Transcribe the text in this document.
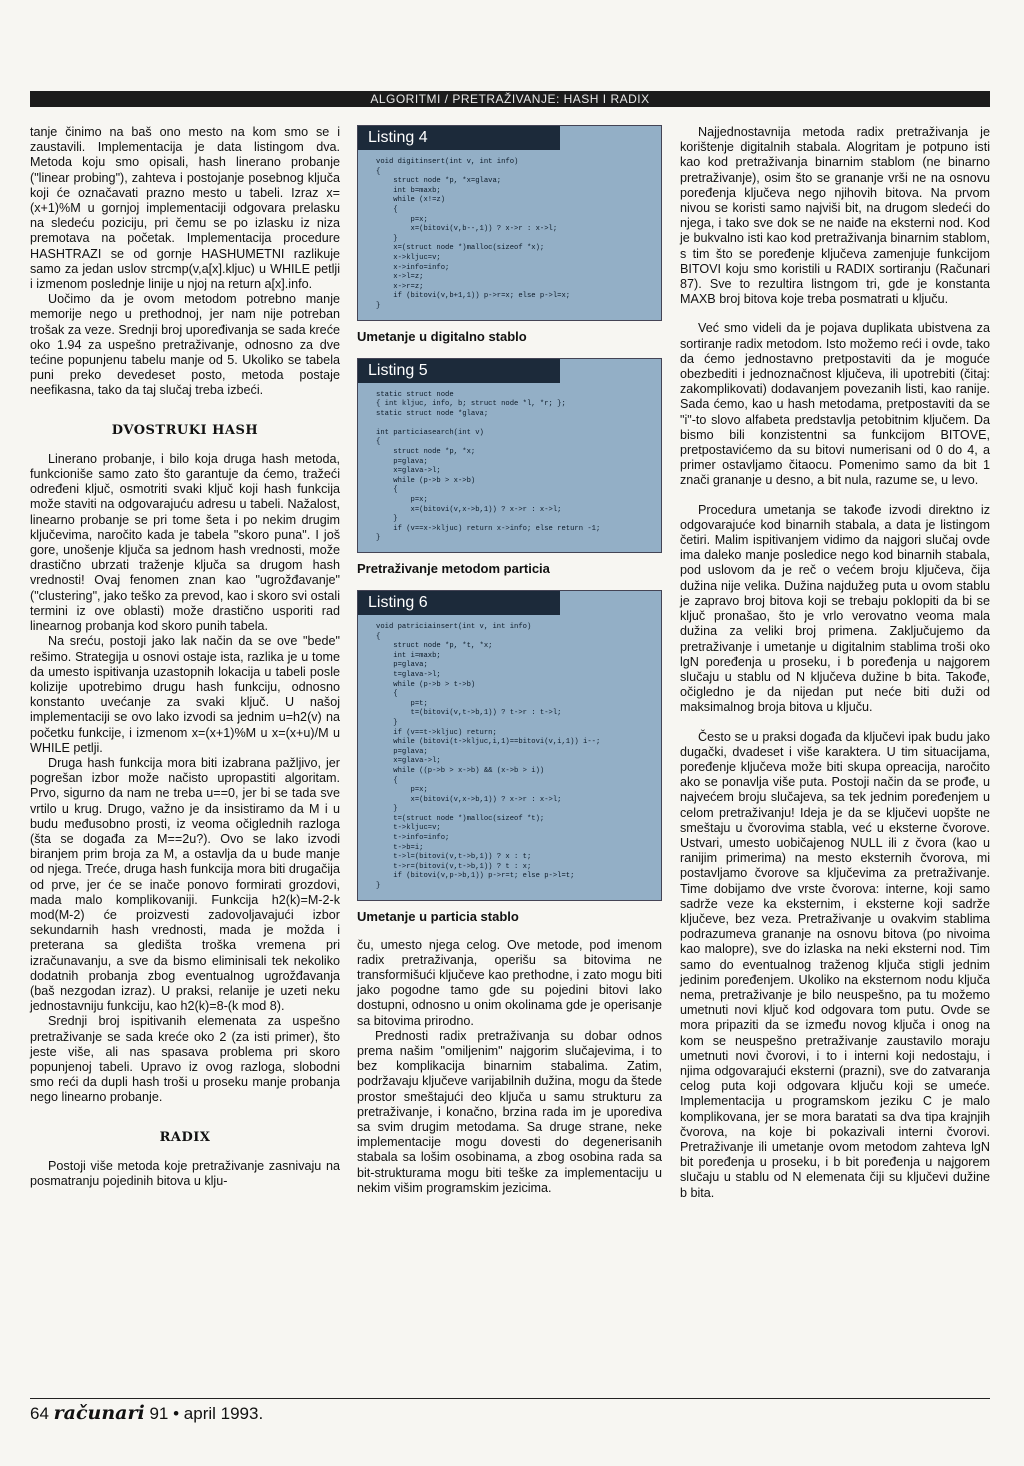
ALGORITMI / PRETRAŽIVANJE: HASH I RADIX

tanje činimo na baš ono mesto na kom smo se i zaustavili. Implementacija je data listingom dva. Metoda koju smo opisali, hash linerano probanje ("linear probing"), zahteva i postojanje posebnog ključa koji će označavati prazno mesto u tabeli. Izraz x=(x+1)%M u gornjoj implementaciji odgovara prelasku na sledeću poziciju, pri čemu se po izlasku iz niza premotava na početak. Implementacija procedure HASHTRAZI se od gornje HASHUMETNI razlikuje samo za jedan uslov strcmp(v,a[x].kljuc) u WHILE petlji i izmenom poslednje linije u njoj na return a[x].info.

Uočimo da je ovom metodom potrebno manje memorije nego u prethodnoj, jer nam nije potreban trošak za veze. Srednji broj upoređivanja se sada kreće oko 1.94 za uspešno pretraživanje, odnosno za dve tećine popunjenu tabelu manje od 5. Ukoliko se tabela puni preko devedeset posto, metoda postaje neefikasna, tako da taj slučaj treba izbeći.

DVOSTRUKI HASH

Linerano probanje, i bilo koja druga hash metoda, funkcioniše samo zato što garantuje da ćemo, tražeći određeni ključ, osmotriti svaki ključ koji hash funkcija može staviti na odgovarajuću adresu u tabeli. Nažalost, linearno probanje se pri tome šeta i po nekim drugim ključevima, naročito kada je tabela "skoro puna". I još gore, unošenje ključa sa jednom hash vrednosti, može drastično ubrzati traženje ključa sa drugom hash vrednosti! Ovaj fenomen znan kao "ugrožđavanje" ("clustering", jako teško za prevod, kao i skoro svi ostali termini iz ove oblasti) može drastično usporiti rad linearnog probanja kod skoro punih tabela.

Na sreću, postoji jako lak način da se ove "bede" rešimo. Strategija u osnovi ostaje ista, razlika je u tome da umesto ispitivanja uzastopnih lokacija u tabeli posle kolizije upotrebimo drugu hash funkciju, odnosno konstanto uvećanje za svaki ključ. U našoj implementaciji se ovo lako izvodi sa jednim u=h2(v) na početku funkcije, i izmenom x=(x+1)%M u x=(x+u)/M u WHILE petlji.

Druga hash funkcija mora biti izabrana pažljivo, jer pogrešan izbor može načisto upropastiti algoritam. Prvo, sigurno da nam ne treba u==0, jer bi se tada sve vrtilo u krug. Drugo, važno je da insistiramo da M i u budu međusobno prosti, iz veoma očiglednih razloga (šta se događa za M==2u?). Ovo se lako izvodi biranjem prim broja za M, a ostavlja da u bude manje od njega. Treće, druga hash funkcija mora biti drugačija od prve, jer će se inače ponovo formirati grozdovi, mada malo komplikovaniji. Funkcija h2(k)=M-2-k mod(M-2) će proizvesti zadovoljavajući izbor sekundarnih hash vrednosti, mada je možda i preterana sa gledišta troška vremena pri izračunavanju, a sve da bismo eliminisali tek nekoliko dodatnih probanja zbog eventualnog ugrožđavanja (baš nezgodan izraz). U praksi, relanije je uzeti neku jednostavniju funkciju, kao h2(k)=8-(k mod 8).

Srednji broj ispitivanih elemenata za uspešno pretraživanje se sada kreće oko 2 (za isti primer), što jeste više, ali nas spasava problema pri skoro popunjenoj tabeli. Upravo iz ovog razloga, slobodni smo reći da dupli hash troši u proseku manje probanja nego linearno probanje.

RADIX

Postoji više metoda koje pretraživanje zasnivaju na posmatranju pojedinih bitova u klju-

Listing 4
void digitinsert(int v, int info)
{
struct node *p, *x=glava;
int b=maxb;
while (x!=z)
{
p=x;
x=(bitovi(v,b--,1)) ? x->r : x->l;
}
x=(struct node *)malloc(sizeof *x);
x->kljuc=v;
x->info=info;
x->l=z;
x->r=z;
if (bitovi(v,b+1,1)) p->r=x; else p->l=x;
}
Umetanje u digitalno stablo
Listing 5
static struct node
{ int kljuc, info, b; struct node *l, *r; };
static struct node *glava;

int particiasearch(int v)
{
struct node *p, *x;
p=glava;
x=glava->l;
while (p->b > x->b)
{
p=x;
x=(bitovi(v,x->b,1)) ? x->r : x->l;
}
if (v==x->kljuc) return x->info; else return -1;
}
Pretraživanje metodom particia
Listing 6
void patriciainsert(int v, int info)
{
struct node *p, *t, *x;
int i=maxb;
p=glava;
t=glava->l;
while (p->b > t->b)
{
p=t;
t=(bitovi(v,t->b,1)) ? t->r : t->l;
}
if (v==t->kljuc) return;
while (bitovi(t->kljuc,i,1)==bitovi(v,i,1)) i--;
p=glava;
x=glava->l;
while ((p->b > x->b) && (x->b > i))
{
p=x;
x=(bitovi(v,x->b,1)) ? x->r : x->l;
}
t=(struct node *)malloc(sizeof *t);
t->kljuc=v;
t->info=info;
t->b=i;
t->l=(bitovi(v,t->b,1)) ? x : t;
t->r=(bitovi(v,t->b,1)) ? t : x;
if (bitovi(v,p->b,1)) p->r=t; else p->l=t;
}
Umetanje u particia stablo

ču, umesto njega celog. Ove metode, pod imenom radix pretraživanja, operišu sa bitovima ne transformišući ključeve kao prethodne, i zato mogu biti jako pogodne tamo gde su pojedini bitovi lako dostupni, odnosno u onim okolinama gde je operisanje sa bitovima prirodno.

Prednosti radix pretraživanja su dobar odnos prema našim "omiljenim" najgorim slučajevima, i to bez komplikacija binarnim stabalima. Zatim, podržavaju ključeve varijabilnih dužina, mogu da štede prostor smeštajući deo ključa u samu strukturu za pretraživanje, i konačno, brzina rada im je uporediva sa svim drugim metodama. Sa druge strane, neke implementacije mogu dovesti do degenerisanih stabala sa lošim osobinama, a zbog osobina rada sa bit-strukturama mogu biti teške za implementaciju u nekim višim programskim jezicima.

Najjednostavnija metoda radix pretraživanja je korištenje digitalnih stabala. Alogritam je potpuno isti kao kod pretraživanja binarnim stablom (ne binarno pretraživanje), osim što se grananje vrši ne na osnovu poređenja ključeva nego njihovih bitova. Na prvom nivou se koristi samo najviši bit, na drugom sledeći do njega, i tako sve dok se ne naiđe na eksterni nod. Kod je bukvalno isti kao kod pretraživanja binarnim stablom, s tim što se poređenje ključeva zamenjuje funkcijom BITOVI koju smo koristili u RADIX sortiranju (Računari 87). Sve to rezultira listngom tri, gde je konstanta MAXB broj bitova koje treba posmatrati u ključu.

Već smo videli da je pojava duplikata ubistvena za sortiranje radix metodom. Isto možemo reći i ovde, tako da ćemo jednostavno pretpostaviti da je moguće obezbediti i jednoznačnost ključeva, ili upotrebiti (čitaj: zakomplikovati) dodavanjem povezanih listi, kao ranije. Sada ćemo, kao u hash metodama, pretpostaviti da se "i"-to slovo alfabeta predstavlja petobitnim ključem. Da bismo bili konzistentni sa funkcijom BITOVE, pretpostavićemo da su bitovi numerisani od 0 do 4, a primer ostavljamo čitaocu. Pomenimo samo da bit 1 znači grananje u desno, a bit nula, razume se, u levo.

Procedura umetanja se takođe izvodi direktno iz odgovarajuće kod binarnih stabala, a data je listingom četiri. Malim ispitivanjem vidimo da najgori slučaj ovde ima daleko manje posledice nego kod binarnih stabala, pod uslovom da je reč o većem broju ključeva, čija dužina nije velika. Dužina najdužeg puta u ovom stablu je zapravo broj bitova koji se trebaju poklopiti da bi se ključ pronašao, što je vrlo verovatno veoma mala dužina za veliki broj primena. Zaključujemo da pretraživanje i umetanje u digitalnim stablima troši oko lgN poređenja u proseku, i b poređenja u najgorem slučaju u stablu od N ključeva dužine b bita. Takođe, očigledno je da nijedan put neće biti duži od maksimalnog broja bitova u ključu.

Često se u praksi događa da ključevi ipak budu jako dugački, dvadeset i više karaktera. U tim situacijama, poređenje ključeva može biti skupa opreacija, naročito ako se ponavlja više puta. Postoji način da se prođe, u najvećem broju slučajeva, sa tek jednim poređenjem u celom pretraživanju! Ideja je da se ključevi uopšte ne smeštaju u čvorovima stabla, već u eksterne čvorove. Ustvari, umesto uobičajenog NULL ili z čvora (kao u ranijim primerima) na mesto eksternih čvorova, mi postavljamo čvorove sa ključevima za pretraživanje. Time dobijamo dve vrste čvorova: interne, koji samo sadrže veze ka eksternim, i eksterne koji sadrže ključeve, bez veza. Pretraživanje u ovakvim stablima podrazumeva grananje na osnovu bitova (po nivoima kao malopre), sve do izlaska na neki eksterni nod. Tim samo do eventualnog traženog ključa stigli jednim jedinim poređenjem. Ukoliko na eksternom nodu ključa nema, pretraživanje je bilo neuspešno, pa tu možemo umetnuti novi ključ kod odgovara tom putu. Ovde se mora pripaziti da se između novog ključa i onog na kom se neuspešno pretraživanje zaustavilo moraju umetnuti novi čvorovi, i to i interni koji nedostaju, i njima odgovarajući eksterni (prazni), sve do zatvaranja celog puta koji odgovara ključu koji se umeće. Implementacija u programskom jeziku C je malo komplikovana, jer se mora baratati sa dva tipa krajnjih čvorova, na koje bi pokazivali interni čvorovi. Pretraživanje ili umetanje ovom metodom zahteva lgN bit poređenja u proseku, i b bit poređenja u najgorem slučaju u stablu od N elemenata čiji su ključevi dužine b bita.

64 računari 91 • april 1993.
